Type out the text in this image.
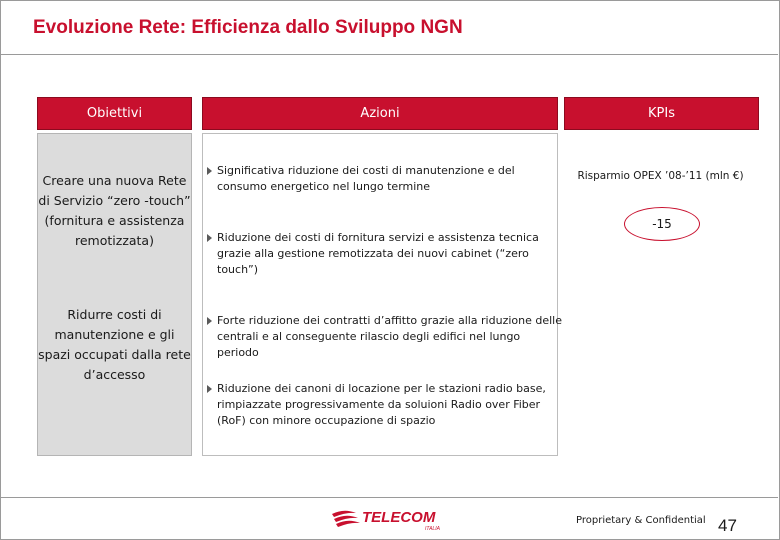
Evoluzione Rete: Efficienza dallo Sviluppo NGN
Obiettivi	Azioni	KPIs
Creare una nuova Rete di Servizio “zero -touch” (fornitura e assistenza remotizzata)
Ridurre costi di manutenzione e gli spazi occupati dalla rete d’accesso
Significativa riduzione dei costi di manutenzione e del consumo energetico nel lungo termine
Riduzione dei costi di fornitura servizi e assistenza tecnica grazie alla gestione remotizzata dei nuovi cabinet (“zero touch”)
Forte riduzione dei contratti d’affitto grazie alla riduzione delle centrali e al conseguente rilascio degli edifici nel lungo periodo
Riduzione dei canoni di locazione per le stazioni radio base, rimpiazzate progressivamente da soluioni Radio over Fiber (RoF) con minore occupazione di spazio
Risparmio OPEX ’08-’11 (mln €)
-15
TELECOM
ITALIA
Proprietary & Confidential 47
